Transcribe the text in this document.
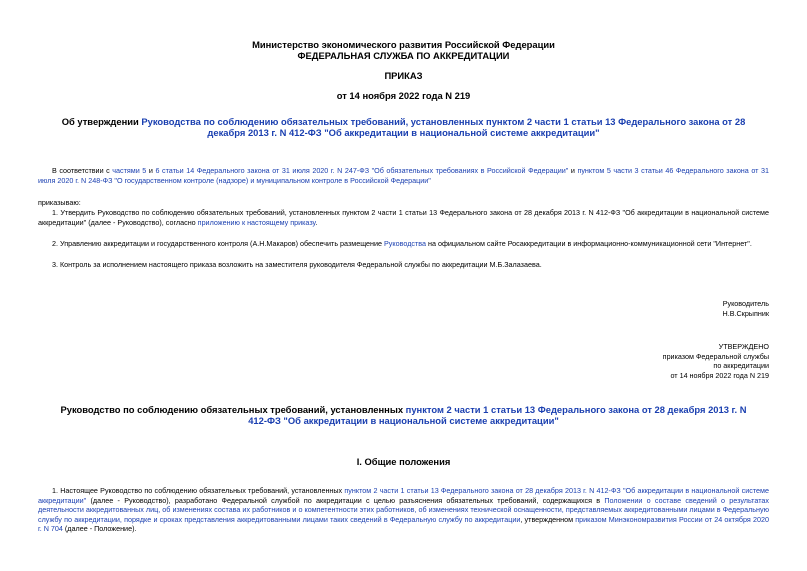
Министерство экономического развития Российской Федерации
ФЕДЕРАЛЬНАЯ СЛУЖБА ПО АККРЕДИТАЦИИ
ПРИКАЗ
от 14 ноября 2022 года N 219
Об утверждении Руководства по соблюдению обязательных требований, установленных пунктом 2 части 1 статьи 13 Федерального закона от 28 декабря 2013 г. N 412-ФЗ "Об аккредитации в национальной системе аккредитации"
В соответствии с частями 5 и 6 статьи 14 Федерального закона от 31 июля 2020 г. N 247-ФЗ "Об обязательных требованиях в Российской Федерации" и пунктом 5 части 3 статьи 46 Федерального закона от 31 июля 2020 г. N 248-ФЗ "О государственном контроле (надзоре) и муниципальном контроле в Российской Федерации"
приказываю:
1. Утвердить Руководство по соблюдению обязательных требований, установленных пунктом 2 части 1 статьи 13 Федерального закона от 28 декабря 2013 г. N 412-ФЗ "Об аккредитации в национальной системе аккредитации" (далее - Руководство), согласно приложению к настоящему приказу.
2. Управлению аккредитации и государственного контроля (А.Н.Макаров) обеспечить размещение Руководства на официальном сайте Росаккредитации в информационно-коммуникационной сети "Интернет".
3. Контроль за исполнением настоящего приказа возложить на заместителя руководителя Федеральной службы по аккредитации М.Б.Залазаева.
Руководитель
Н.В.Скрыпник
УТВЕРЖДЕНО
приказом Федеральной службы
по аккредитации
от 14 ноября 2022 года N 219
Руководство по соблюдению обязательных требований, установленных пунктом 2 части 1 статьи 13 Федерального закона от 28 декабря 2013 г. N 412-ФЗ "Об аккредитации в национальной системе аккредитации"
I. Общие положения
1. Настоящее Руководство по соблюдению обязательных требований, установленных пунктом 2 части 1 статьи 13 Федерального закона от 28 декабря 2013 г. N 412-ФЗ "Об аккредитации в национальной системе аккредитации" (далее - Руководство), разработано Федеральной службой по аккредитации с целью разъяснения обязательных требований, содержащихся в Положении о составе сведений о результатах деятельности аккредитованных лиц, об изменениях состава их работников и о компетентности этих работников, об изменениях технической оснащенности, представляемых аккредитованными лицами в Федеральную службу по аккредитации, порядке и сроках представления аккредитованными лицами таких сведений в Федеральную службу по аккредитации, утвержденном приказом Минэкономразвития России от 24 октября 2020 г. N 704 (далее - Положение).
